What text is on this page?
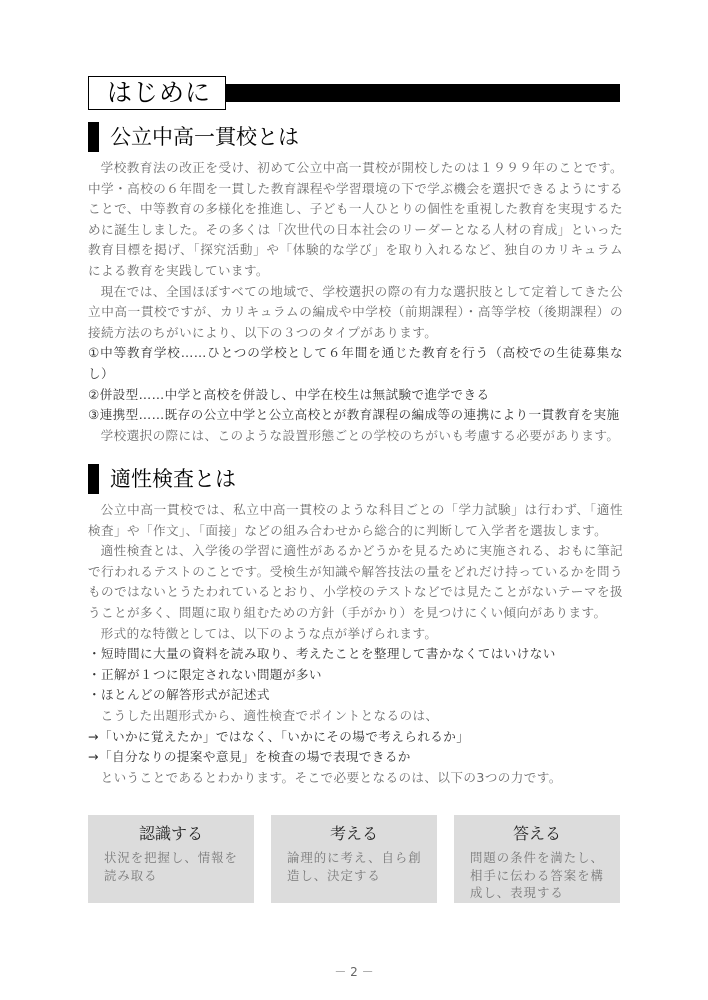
はじめに
公立中高一貫校とは

学校教育法の改正を受け、初めて公立中高一貫校が開校したのは１９９９年のことです。中学・高校の６年間を一貫した教育課程や学習環境の下で学ぶ機会を選択できるようにすることで、中等教育の多様化を推進し、子ども一人ひとりの個性を重視した教育を実現するために誕生しました。その多くは「次世代の日本社会のリーダーとなる人材の育成」といった教育目標を掲げ、「探究活動」や「体験的な学び」を取り入れるなど、独自のカリキュラムによる教育を実践しています。

現在では、全国ほぼすべての地域で、学校選択の際の有力な選択肢として定着してきた公立中高一貫校ですが、カリキュラムの編成や中学校（前期課程）・高等学校（後期課程）の接続方法のちがいにより、以下の３つのタイプがあります。

①中等教育学校……ひとつの学校として６年間を通じた教育を行う（高校での生徒募集なし）

②併設型……中学と高校を併設し、中学在校生は無試験で進学できる

③連携型……既存の公立中学と公立高校とが教育課程の編成等の連携により一貫教育を実施

学校選択の際には、このような設置形態ごとの学校のちがいも考慮する必要があります。

適性検査とは

公立中高一貫校では、私立中高一貫校のような科目ごとの「学力試験」は行わず、「適性検査」や「作文」、「面接」などの組み合わせから総合的に判断して入学者を選抜します。

適性検査とは、入学後の学習に適性があるかどうかを見るために実施される、おもに筆記で行われるテストのことです。受検生が知識や解答技法の量をどれだけ持っているかを問うものではないとうたわれているとおり、小学校のテストなどでは見たことがないテーマを扱うことが多く、問題に取り組むための方針（手がかり）を見つけにくい傾向があります。

形式的な特徴としては、以下のような点が挙げられます。

・短時間に大量の資料を読み取り、考えたことを整理して書かなくてはいけない

・正解が１つに限定されない問題が多い

・ほとんどの解答形式が記述式

こうした出題形式から、適性検査でポイントとなるのは、

→「いかに覚えたか」ではなく、「いかにその場で考えられるか」

→「自分なりの提案や意見」を検査の場で表現できるか

ということであるとわかります。そこで必要となるのは、以下の3つの力です。

認識する
状況を把握し、情報を読み取る
考える
論理的に考え、自ら創造し、決定する
答える
問題の条件を満たし、相手に伝わる答案を構成し、表現する
－ 2 －
